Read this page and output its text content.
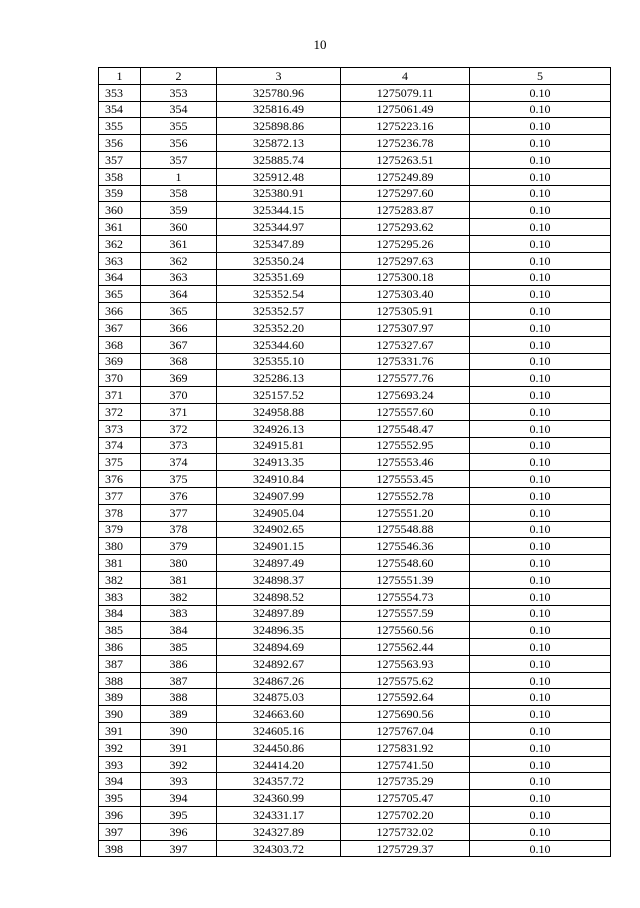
10
1	2	3	4	5
353	353	325780.96	1275079.11	0.10
354	354	325816.49	1275061.49	0.10
355	355	325898.86	1275223.16	0.10
356	356	325872.13	1275236.78	0.10
357	357	325885.74	1275263.51	0.10
358	1	325912.48	1275249.89	0.10
359	358	325380.91	1275297.60	0.10
360	359	325344.15	1275283.87	0.10
361	360	325344.97	1275293.62	0.10
362	361	325347.89	1275295.26	0.10
363	362	325350.24	1275297.63	0.10
364	363	325351.69	1275300.18	0.10
365	364	325352.54	1275303.40	0.10
366	365	325352.57	1275305.91	0.10
367	366	325352.20	1275307.97	0.10
368	367	325344.60	1275327.67	0.10
369	368	325355.10	1275331.76	0.10
370	369	325286.13	1275577.76	0.10
371	370	325157.52	1275693.24	0.10
372	371	324958.88	1275557.60	0.10
373	372	324926.13	1275548.47	0.10
374	373	324915.81	1275552.95	0.10
375	374	324913.35	1275553.46	0.10
376	375	324910.84	1275553.45	0.10
377	376	324907.99	1275552.78	0.10
378	377	324905.04	1275551.20	0.10
379	378	324902.65	1275548.88	0.10
380	379	324901.15	1275546.36	0.10
381	380	324897.49	1275548.60	0.10
382	381	324898.37	1275551.39	0.10
383	382	324898.52	1275554.73	0.10
384	383	324897.89	1275557.59	0.10
385	384	324896.35	1275560.56	0.10
386	385	324894.69	1275562.44	0.10
387	386	324892.67	1275563.93	0.10
388	387	324867.26	1275575.62	0.10
389	388	324875.03	1275592.64	0.10
390	389	324663.60	1275690.56	0.10
391	390	324605.16	1275767.04	0.10
392	391	324450.86	1275831.92	0.10
393	392	324414.20	1275741.50	0.10
394	393	324357.72	1275735.29	0.10
395	394	324360.99	1275705.47	0.10
396	395	324331.17	1275702.20	0.10
397	396	324327.89	1275732.02	0.10
398	397	324303.72	1275729.37	0.10
